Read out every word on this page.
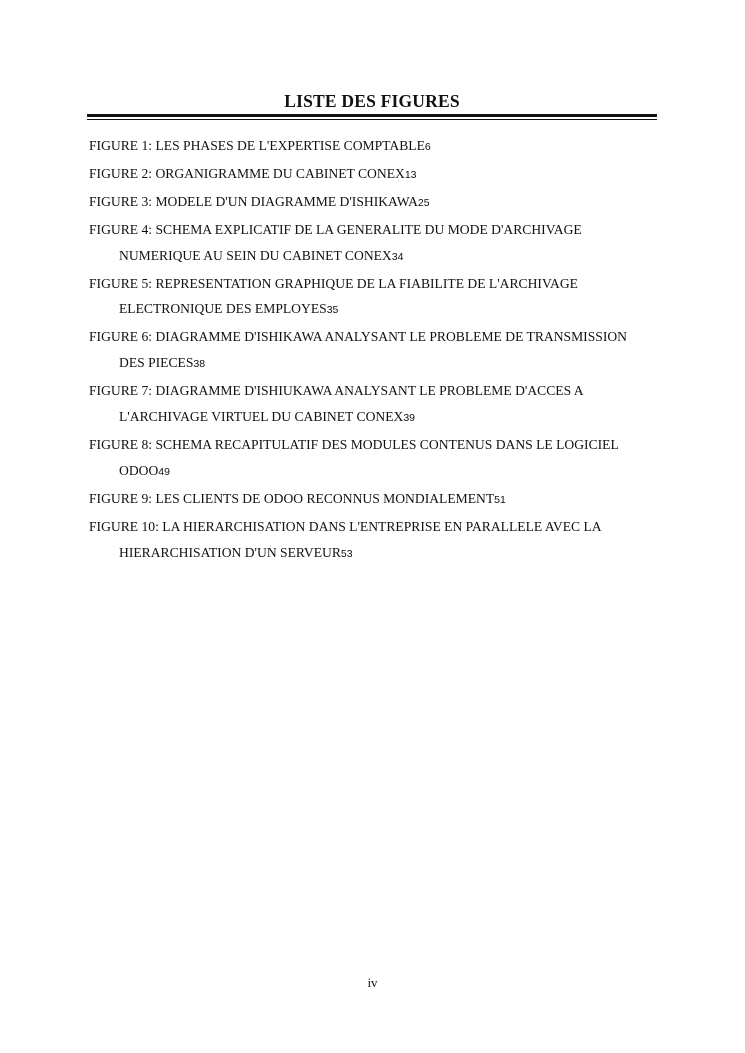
LISTE DES FIGURES
FIGURE 1: LES PHASES DE L'EXPERTISE COMPTABLE6
FIGURE 2: ORGANIGRAMME DU CABINET CONEX13
FIGURE 3: MODELE D'UN DIAGRAMME D'ISHIKAWA25
FIGURE 4: SCHEMA EXPLICATIF DE LA GENERALITE DU MODE D'ARCHIVAGE NUMERIQUE AU SEIN DU CABINET CONEX34
FIGURE 5: REPRESENTATION GRAPHIQUE DE LA FIABILITE DE L'ARCHIVAGE ELECTRONIQUE DES EMPLOYES35
FIGURE 6: DIAGRAMME D'ISHIKAWA ANALYSANT LE PROBLEME DE TRANSMISSION DES PIECES38
FIGURE 7: DIAGRAMME D'ISHIUKAWA ANALYSANT LE PROBLEME D'ACCES A L'ARCHIVAGE VIRTUEL DU CABINET CONEX39
FIGURE 8: SCHEMA RECAPITULATIF DES MODULES CONTENUS DANS LE LOGICIEL ODOO49
FIGURE 9: LES CLIENTS DE ODOO RECONNUS MONDIALEMENT51
FIGURE 10: LA HIERARCHISATION DANS L'ENTREPRISE EN PARALLELE AVEC LA HIERARCHISATION D'UN SERVEUR53
iv
